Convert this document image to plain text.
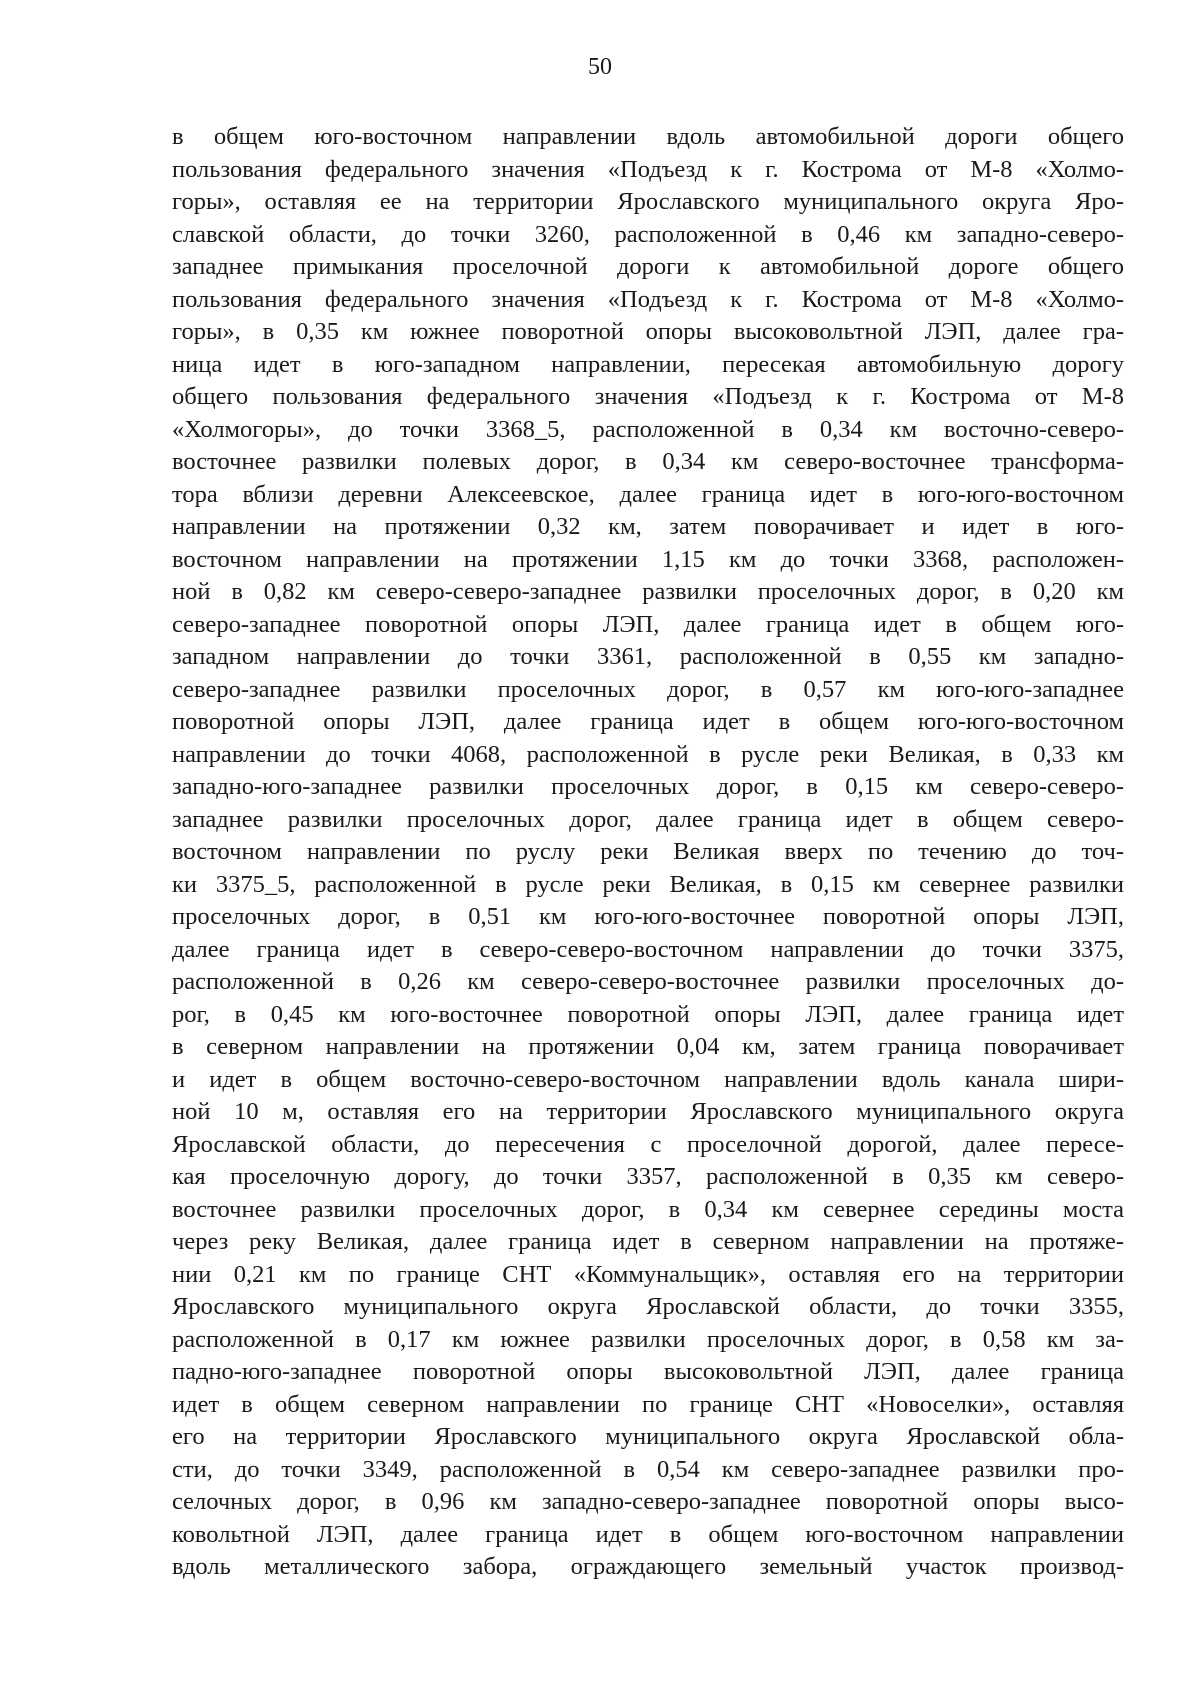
50
в общем юго-восточном направлении вдоль автомобильной дороги общего
пользования федерального значения «Подъезд к г. Кострома от М-8 «Холмо-
горы», оставляя ее на территории Ярославского муниципального округа Яро-
славской области, до точки 3260, расположенной в 0,46 км западно-северо-
западнее примыкания проселочной дороги к автомобильной дороге общего
пользования федерального значения «Подъезд к г. Кострома от М-8 «Холмо-
горы», в 0,35 км южнее поворотной опоры высоковольтной ЛЭП, далее гра-
ница идет в юго-западном направлении, пересекая автомобильную дорогу
общего пользования федерального значения «Подъезд к г. Кострома от М-8
«Холмогоры», до точки 3368_5, расположенной в 0,34 км восточно-северо-
восточнее развилки полевых дорог, в 0,34 км северо-восточнее трансформа-
тора вблизи деревни Алексеевское, далее граница идет в юго-юго-восточном
направлении на протяжении 0,32 км, затем поворачивает и идет в юго-
восточном направлении на протяжении 1,15 км до точки 3368, расположен-
ной в 0,82 км северо-северо-западнее развилки проселочных дорог, в 0,20 км
северо-западнее поворотной опоры ЛЭП, далее граница идет в общем юго-
западном направлении до точки 3361, расположенной в 0,55 км западно-
северо-западнее развилки проселочных дорог, в 0,57 км юго-юго-западнее
поворотной опоры ЛЭП, далее граница идет в общем юго-юго-восточном
направлении до точки 4068, расположенной в русле реки Великая, в 0,33 км
западно-юго-западнее развилки проселочных дорог, в 0,15 км северо-северо-
западнее развилки проселочных дорог, далее граница идет в общем северо-
восточном направлении по руслу реки Великая вверх по течению до точ-
ки 3375_5, расположенной в русле реки Великая, в 0,15 км севернее развилки
проселочных дорог, в 0,51 км юго-юго-восточнее поворотной опоры ЛЭП,
далее граница идет в северо-северо-восточном направлении до точки 3375,
расположенной в 0,26 км северо-северо-восточнее развилки проселочных до-
рог, в 0,45 км юго-восточнее поворотной опоры ЛЭП, далее граница идет
в северном направлении на протяжении 0,04 км, затем граница поворачивает
и идет в общем восточно-северо-восточном направлении вдоль канала шири-
ной 10 м, оставляя его на территории Ярославского муниципального округа
Ярославской области, до пересечения с проселочной дорогой, далее пересе-
кая проселочную дорогу, до точки 3357, расположенной в 0,35 км северо-
восточнее развилки проселочных дорог, в 0,34 км севернее середины моста
через реку Великая, далее граница идет в северном направлении на протяже-
нии 0,21 км по границе СНТ «Коммунальщик», оставляя его на территории
Ярославского муниципального округа Ярославской области, до точки 3355,
расположенной в 0,17 км южнее развилки проселочных дорог, в 0,58 км за-
падно-юго-западнее поворотной опоры высоковольтной ЛЭП, далее граница
идет в общем северном направлении по границе СНТ «Новоселки», оставляя
его на территории Ярославского муниципального округа Ярославской обла-
сти, до точки 3349, расположенной в 0,54 км северо-западнее развилки про-
селочных дорог, в 0,96 км западно-северо-западнее поворотной опоры высо-
ковольтной ЛЭП, далее граница идет в общем юго-восточном направлении
вдоль металлического забора, ограждающего земельный участок производ-
